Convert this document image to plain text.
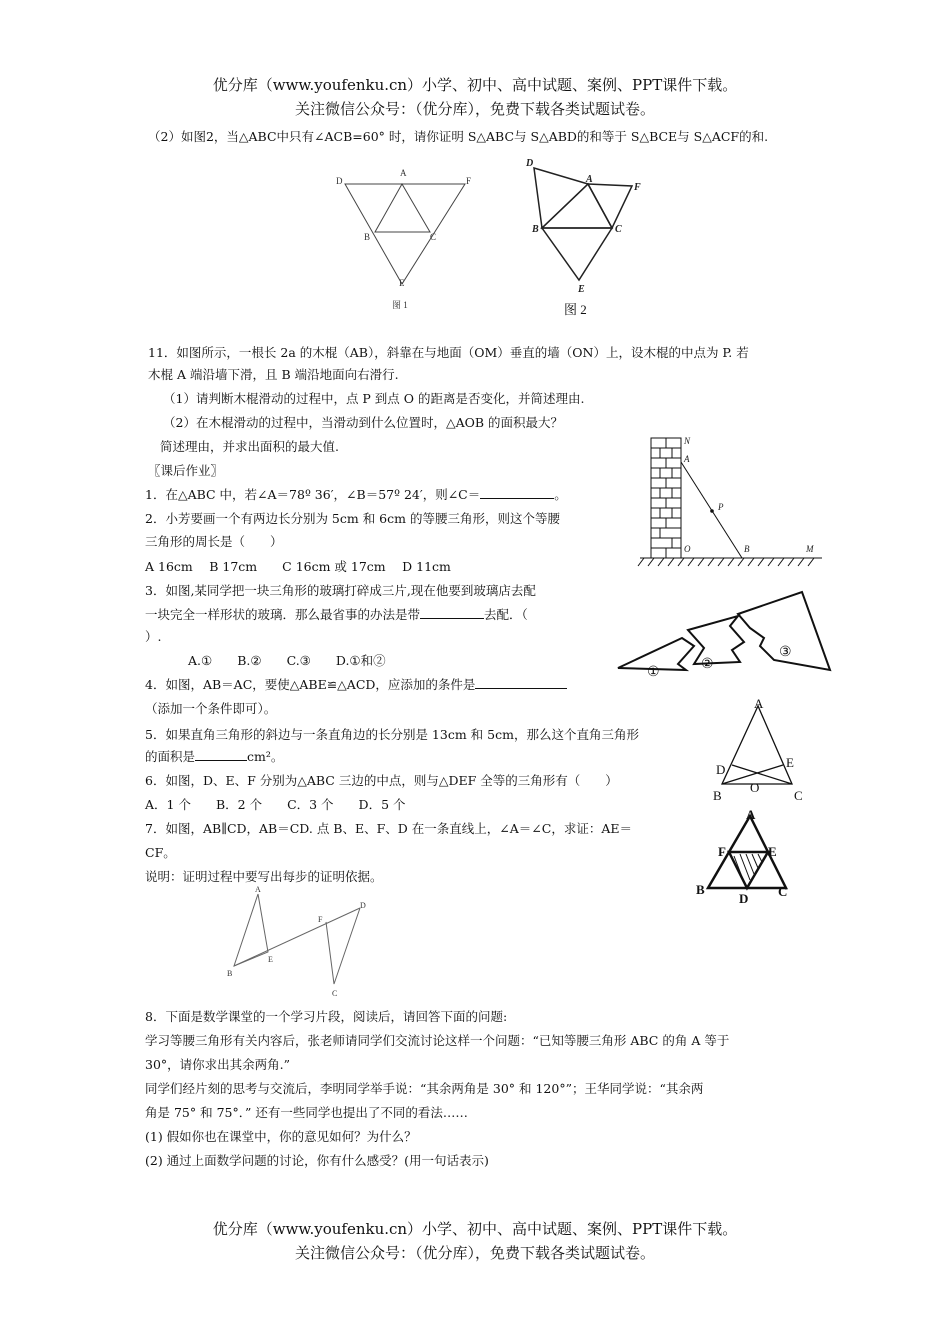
优分库（www.youfenku.cn）小学、初中、高中试题、案例、PPT课件下载。
关注微信公众号：（优分库），免费下载各类试题试卷。
（2）如图2，当△ABC中只有∠ACB=60° 时，请你证明 S△ABC与 S△ABD的和等于 S△BCE与 S△ACF的和.
A
D	F
B	C
E
图 1
D
A
F
B	C
E
图 2
11．如图所示，一根长 2a 的木棍（AB），斜靠在与地面（OM）垂直的墙（ON）上，设木棍的中点为 P. 若
木棍 A 端沿墙下滑，且 B 端沿地面向右滑行.
（1）请判断木棍滑动的过程中，点 P 到点 O 的距离是否变化，并简述理由.
（2）在木棍滑动的过程中，当滑动到什么位置时，△AOB 的面积最大？
简述理由，并求出面积的最大值.	N
A
P
O	B	M
〖课后作业〗
1．在△ABC 中，若∠A＝78º 36′，∠B＝57º 24′，则∠C＝	。
2．小芳要画一个有两边长分别为 5cm 和 6cm 的等腰三角形，则这个等腰
三角形的周长是（　　）
A 16cm　 B 17cm　　C 16cm 或 17cm　 D 11cm
3．如图,某同学把一块三角形的玻璃打碎成三片,现在他要到玻璃店去配
一块完全一样形状的玻璃．那么最省事的办法是带	去配．（
）.
A.①　　B.②　　C.③　　D.①和②
①
②
③
4．如图，AB＝AC，要使△ABE≌△ACD，应添加的条件是
（添加一个条件即可）。	A
D	E
B
O
C
5．如果直角三角形的斜边与一条直角边的长分别是 13cm 和 5cm，那么这个直角三角形
的面积是	cm²。
6．如图，D、E、F 分别为△ABC 三边的中点，则与△DEF 全等的三角形有（　　）
A．1 个　　B．2 个　　C．3 个　　D．5 个
A
F	E
B
D C
7．如图，AB∥CD，AB＝CD. 点 B、E、F、D 在一条直线上，∠A＝∠C，求证：AE＝
CF。
说明：证明过程中要写出每步的证明依据。
A
B
E
F
D
C
8．下面是数学课堂的一个学习片段，阅读后，请回答下面的问题:
学习等腰三角形有关内容后，张老师请同学们交流讨论这样一个问题：“已知等腰三角形 ABC 的角 A 等于
30°，请你求出其余两角.”
同学们经片刻的思考与交流后，李明同学举手说：“其余两角是 30° 和 120°”；王华同学说：“其余两
角是 75° 和 75°．” 还有一些同学也提出了不同的看法……
(1) 假如你也在课堂中，你的意见如何？为什么？
(2) 通过上面数学问题的讨论，你有什么感受？(用一句话表示)
优分库（www.youfenku.cn）小学、初中、高中试题、案例、PPT课件下载。
关注微信公众号：（优分库），免费下载各类试题试卷。
